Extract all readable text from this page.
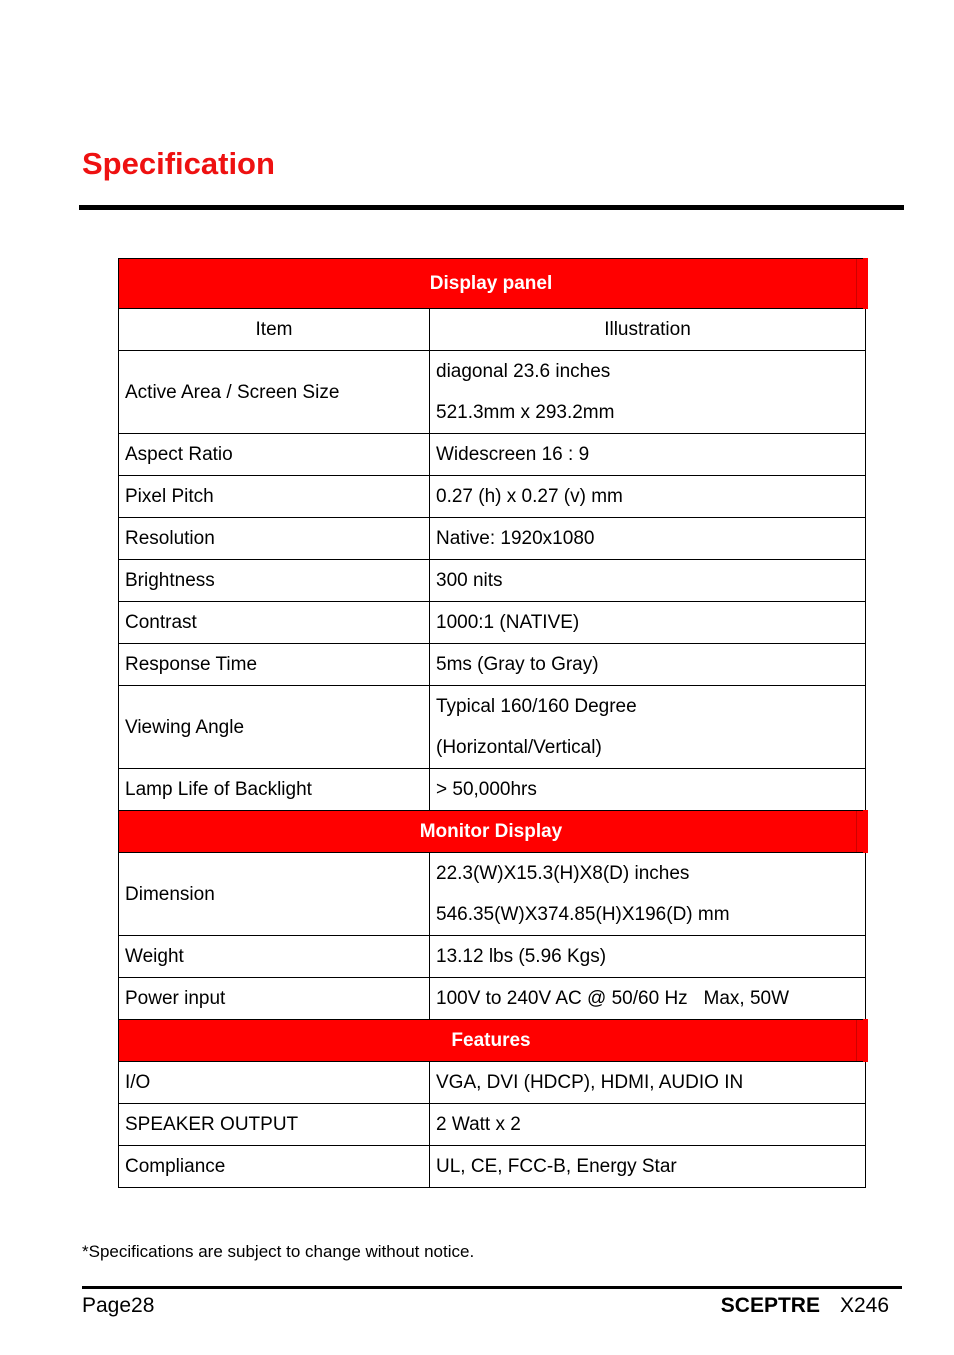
Specification
Display panel	
Item	Illustration
Active Area / Screen Size	diagonal 23.6 inches
521.3mm x 293.2mm

Aspect Ratio	Widescreen 16 : 9

Pixel Pitch	0.27 (h) x 0.27 (v) mm

Resolution	Native: 1920x1080

Brightness	300 nits

Contrast	1000:1 (NATIVE)

Response Time	5ms (Gray to Gray)

Viewing Angle	Typical 160/160 Degree
(Horizontal/Vertical)

Lamp Life of Backlight	> 50,000hrs

Monitor Display	
Dimension	22.3(W)X15.3(H)X8(D) inches
546.35(W)X374.85(H)X196(D) mm

Weight	13.12 lbs (5.96 Kgs)

Power input	100V to 240V AC @ 50/60 Hz   Max, 50W

Features	
I/O	VGA, DVI (HDCP), HDMI, AUDIO IN

SPEAKER OUTPUT	2 Watt x 2

Compliance	UL, CE, FCC-B, Energy Star
*Specifications are subject to change without notice.
Page28	SCEPTRE X246
